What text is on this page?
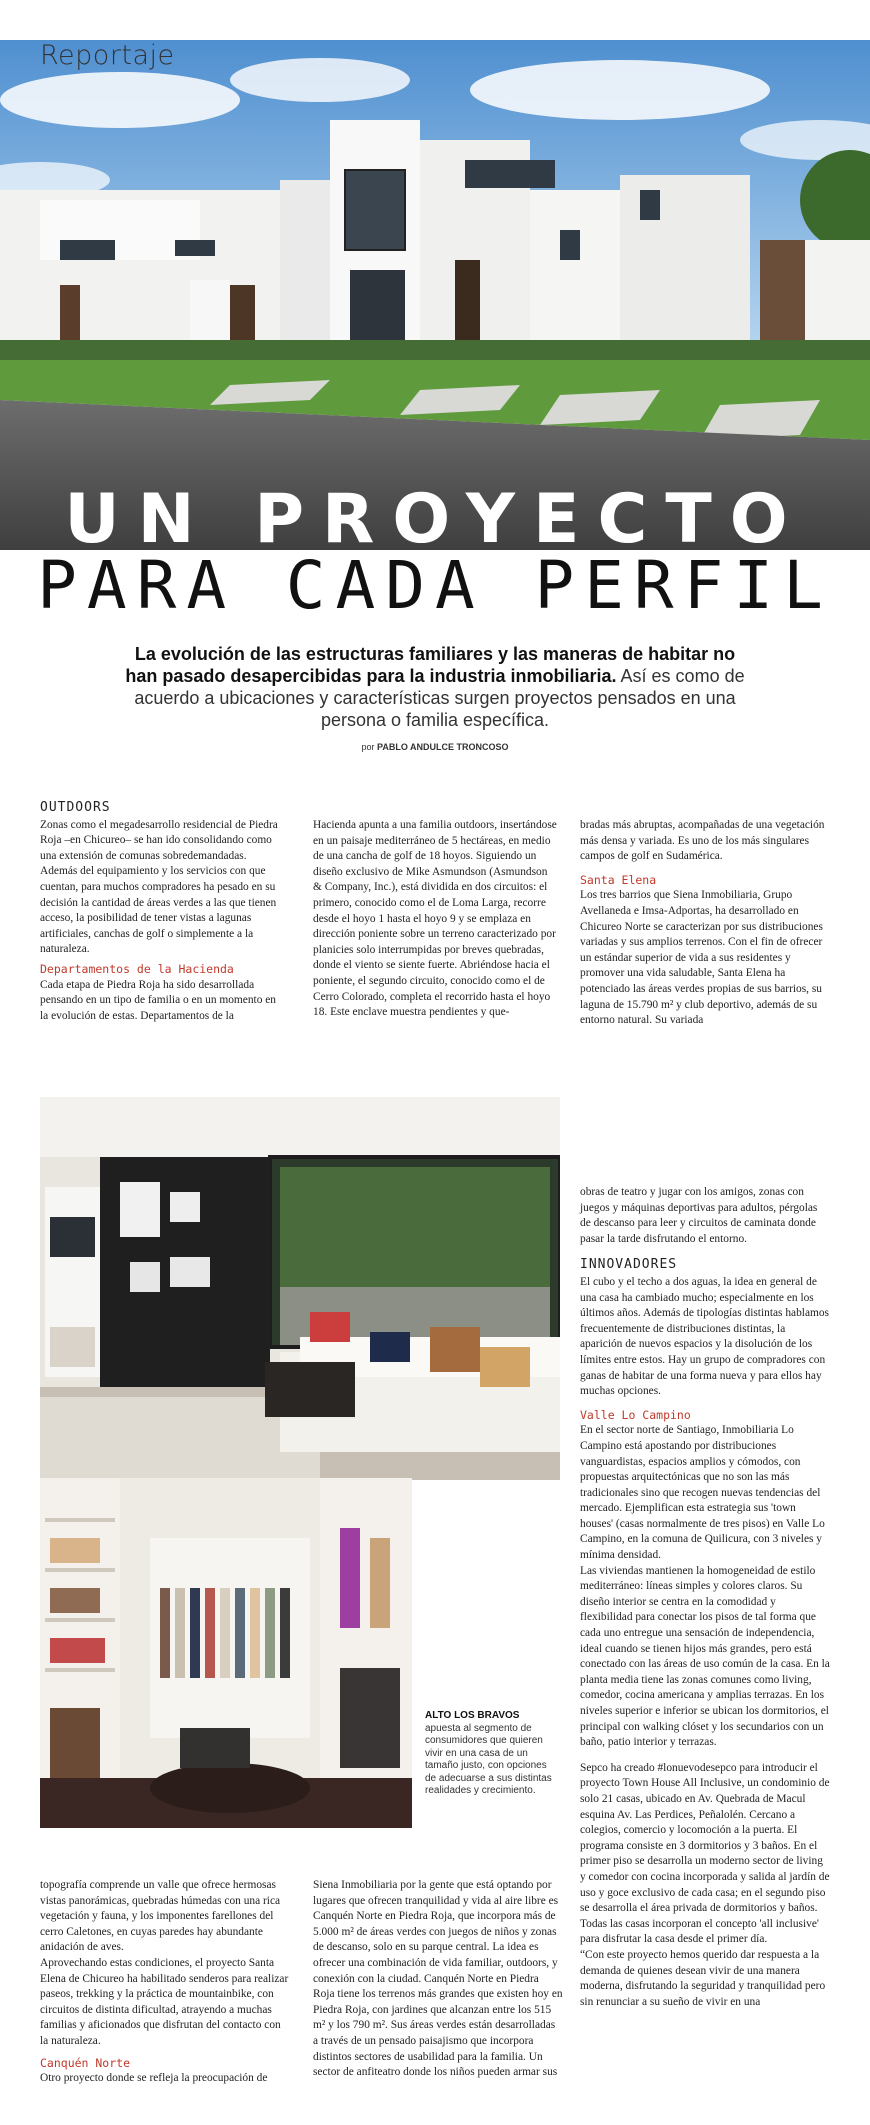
Reportaje
UN PROYECTO
PARA CADA PERFIL
La evolución de las estructuras familiares y las maneras de habitar no han pasado desapercibidas para la industria inmobiliaria. Así es como de acuerdo a ubicaciones y características surgen proyectos pensados en una persona o familia específica.
por PABLO ANDULCE TRONCOSO
OUTDOORS
Zonas como el megadesarrollo residencial de Piedra Roja –en Chicureo– se han ido consolidando como una extensión de comunas sobredemandadas. Además del equipamiento y los servicios con que cuentan, para muchos compradores ha pesado en su decisión la cantidad de áreas verdes a las que tienen acceso, la posibilidad de tener vistas a lagunas artificiales, canchas de golf o simplemente a la naturaleza.
Departamentos de la Hacienda
Cada etapa de Piedra Roja ha sido desarrollada pensando en un tipo de familia o en un momento en la evolución de estas. Departamentos de la
Hacienda apunta a una familia outdoors, insertándose en un paisaje mediterráneo de 5 hectáreas, en medio de una cancha de golf de 18 hoyos. Siguiendo un diseño exclusivo de Mike Asmundson (Asmundson & Company, Inc.), está dividida en dos circuitos: el primero, conocido como el de Loma Larga, recorre desde el hoyo 1 hasta el hoyo 9 y se emplaza en dirección poniente sobre un terreno caracterizado por planicies solo interrumpidas por breves quebradas, donde el viento se siente fuerte. Abriéndose hacia el poniente, el segundo circuito, conocido como el de Cerro Colorado, completa el recorrido hasta el hoyo 18. Este enclave muestra pendientes y que-
bradas más abruptas, acompañadas de una vegetación más densa y variada. Es uno de los más singulares campos de golf en Sudamérica.
Santa Elena
Los tres barrios que Siena Inmobiliaria, Grupo Avellaneda e Imsa-Adportas, ha desarrollado en Chicureo Norte se caracterizan por sus distribuciones variadas y sus amplios terrenos. Con el fin de ofrecer un estándar superior de vida a sus residentes y promover una vida saludable, Santa Elena ha potenciado las áreas verdes propias de sus barrios, su laguna de 15.790 m² y club deportivo, además de su entorno natural. Su variada
ALTO LOS BRAVOS
apuesta al segmento de consumidores que quieren vivir en una casa de un tamaño justo, con opciones de adecuarse a sus distintas realidades y crecimiento.
obras de teatro y jugar con los amigos, zonas con juegos y máquinas deportivas para adultos, pérgolas de descanso para leer y circuitos de caminata donde pasar la tarde disfrutando el entorno.
INNOVADORES
El cubo y el techo a dos aguas, la idea en general de una casa ha cambiado mucho; especialmente en los últimos años. Además de tipologías distintas hablamos frecuentemente de distribuciones distintas, la aparición de nuevos espacios y la disolución de los límites entre estos. Hay un grupo de compradores con ganas de habitar de una forma nueva y para ellos hay muchas opciones.
Valle Lo Campino
En el sector norte de Santiago, Inmobiliaria Lo Campino está apostando por distribuciones vanguardistas, espacios amplios y cómodos, con propuestas arquitectónicas que no son las más tradicionales sino que recogen nuevas tendencias del mercado. Ejemplifican esta estrategia sus 'town houses' (casas normalmente de tres pisos) en Valle Lo Campino, en la comuna de Quilicura, con 3 niveles y mínima densidad.
Las viviendas mantienen la homogeneidad de estilo mediterráneo: líneas simples y colores claros. Su diseño interior se centra en la comodidad y flexibilidad para conectar los pisos de tal forma que cada uno entregue una sensación de independencia, ideal cuando se tienen hijos más grandes, pero está conectado con las áreas de uso común de la casa. En la planta media tiene las zonas comunes como living, comedor, cocina americana y amplias terrazas. En los niveles superior e inferior se ubican los dormitorios, el principal con walking clóset y los secundarios con un baño, patio interior y terrazas.
Sepco ha creado #lonuevodesepco para introducir el proyecto Town House All Inclusive, un condominio de solo 21 casas, ubicado en Av. Quebrada de Macul esquina Av. Las Perdices, Peñalolén. Cercano a colegios, comercio y locomoción a la puerta. El programa consiste en 3 dormitorios y 3 baños. En el primer piso se desarrolla un moderno sector de living y comedor con cocina incorporada y salida al jardín de uso y goce exclusivo de cada casa; en el segundo piso se desarrolla el área privada de dormitorios y baños. Todas las casas incorporan el concepto 'all inclusive' para disfrutar la casa desde el primer día.
“Con este proyecto hemos querido dar respuesta a la demanda de quienes desean vivir de una manera moderna, disfrutando la seguridad y tranquilidad pero sin renunciar a su sueño de vivir en una
topografía comprende un valle que ofrece hermosas vistas panorámicas, quebradas húmedas con una rica vegetación y fauna, y los imponentes farellones del cerro Caletones, en cuyas paredes hay abundante anidación de aves.
Aprovechando estas condiciones, el proyecto Santa Elena de Chicureo ha habilitado senderos para realizar paseos, trekking y la práctica de mountainbike, con circuitos de distinta dificultad, atrayendo a muchas familias y aficionados que disfrutan del contacto con la naturaleza.
Canquén Norte
Otro proyecto donde se refleja la preocupación de
Siena Inmobiliaria por la gente que está optando por lugares que ofrecen tranquilidad y vida al aire libre es Canquén Norte en Piedra Roja, que incorpora más de 5.000 m² de áreas verdes con juegos de niños y zonas de descanso, solo en su parque central. La idea es ofrecer una combinación de vida familiar, outdoors, y conexión con la ciudad. Canquén Norte en Piedra Roja tiene los terrenos más grandes que existen hoy en Piedra Roja, con jardines que alcanzan entre los 515 m² y los 790 m². Sus áreas verdes están desarrolladas a través de un pensado paisajismo que incorpora distintos sectores de usabilidad para la familia. Un sector de anfiteatro donde los niños pueden armar sus
